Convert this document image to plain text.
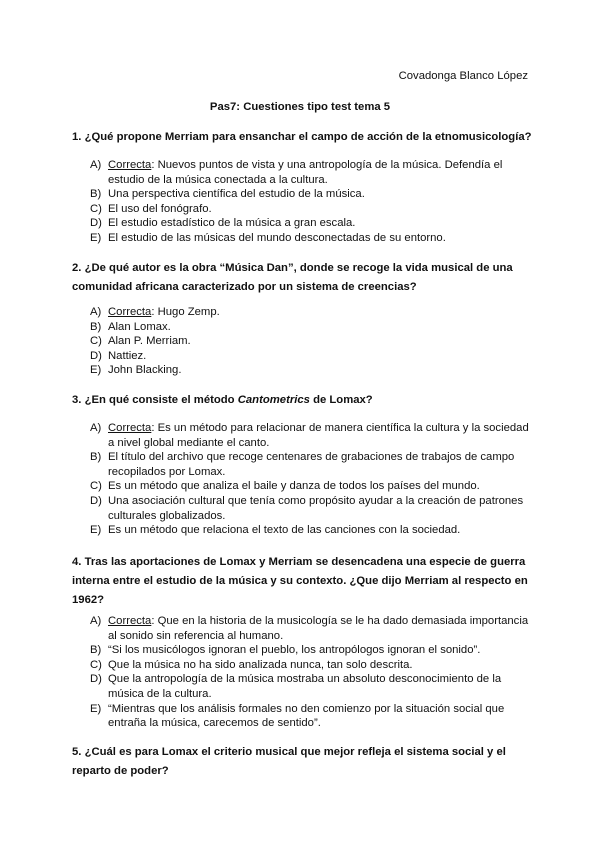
Covadonga Blanco López
Pas7: Cuestiones tipo test tema 5
1. ¿Qué propone Merriam para ensanchar el campo de acción de la etnomusicología?
A) Correcta: Nuevos puntos de vista y una antropología de la música. Defendía el estudio de la música conectada a la cultura.
B) Una perspectiva científica del estudio de la música.
C) El uso del fonógrafo.
D) El estudio estadístico de la música a gran escala.
E) El estudio de las músicas del mundo desconectadas de su entorno.
2. ¿De qué autor es la obra “Música Dan”, donde se recoge la vida musical de una comunidad africana caracterizado por un sistema de creencias?
A) Correcta: Hugo Zemp.
B) Alan Lomax.
C) Alan P. Merriam.
D) Nattiez.
E) John Blacking.
3. ¿En qué consiste el método Cantometrics de Lomax?
A) Correcta: Es un método para relacionar de manera científica la cultura y la sociedad a nivel global mediante el canto.
B) El título del archivo que recoge centenares de grabaciones de trabajos de campo recopilados por Lomax.
C) Es un método que analiza el baile y danza de todos los países del mundo.
D) Una asociación cultural que tenía como propósito ayudar a la creación de patrones culturales globalizados.
E) Es un método que relaciona el texto de las canciones con la sociedad.
4. Tras las aportaciones de Lomax y Merriam se desencadena una especie de guerra interna entre el estudio de la música y su contexto. ¿Que dijo Merriam al respecto en 1962?
A) Correcta: Que en la historia de la musicología se le ha dado demasiada importancia al sonido sin referencia al humano.
B) “Si los musicólogos ignoran el pueblo, los antropólogos ignoran el sonido”.
C) Que la música no ha sido analizada nunca, tan solo descrita.
D) Que la antropología de la música mostraba un absoluto desconocimiento de la música de la cultura.
E) “Mientras que los análisis formales no den comienzo por la situación social que entraña la música, carecemos de sentido”.
5. ¿Cuál es para Lomax el criterio musical que mejor refleja el sistema social y el reparto de poder?
